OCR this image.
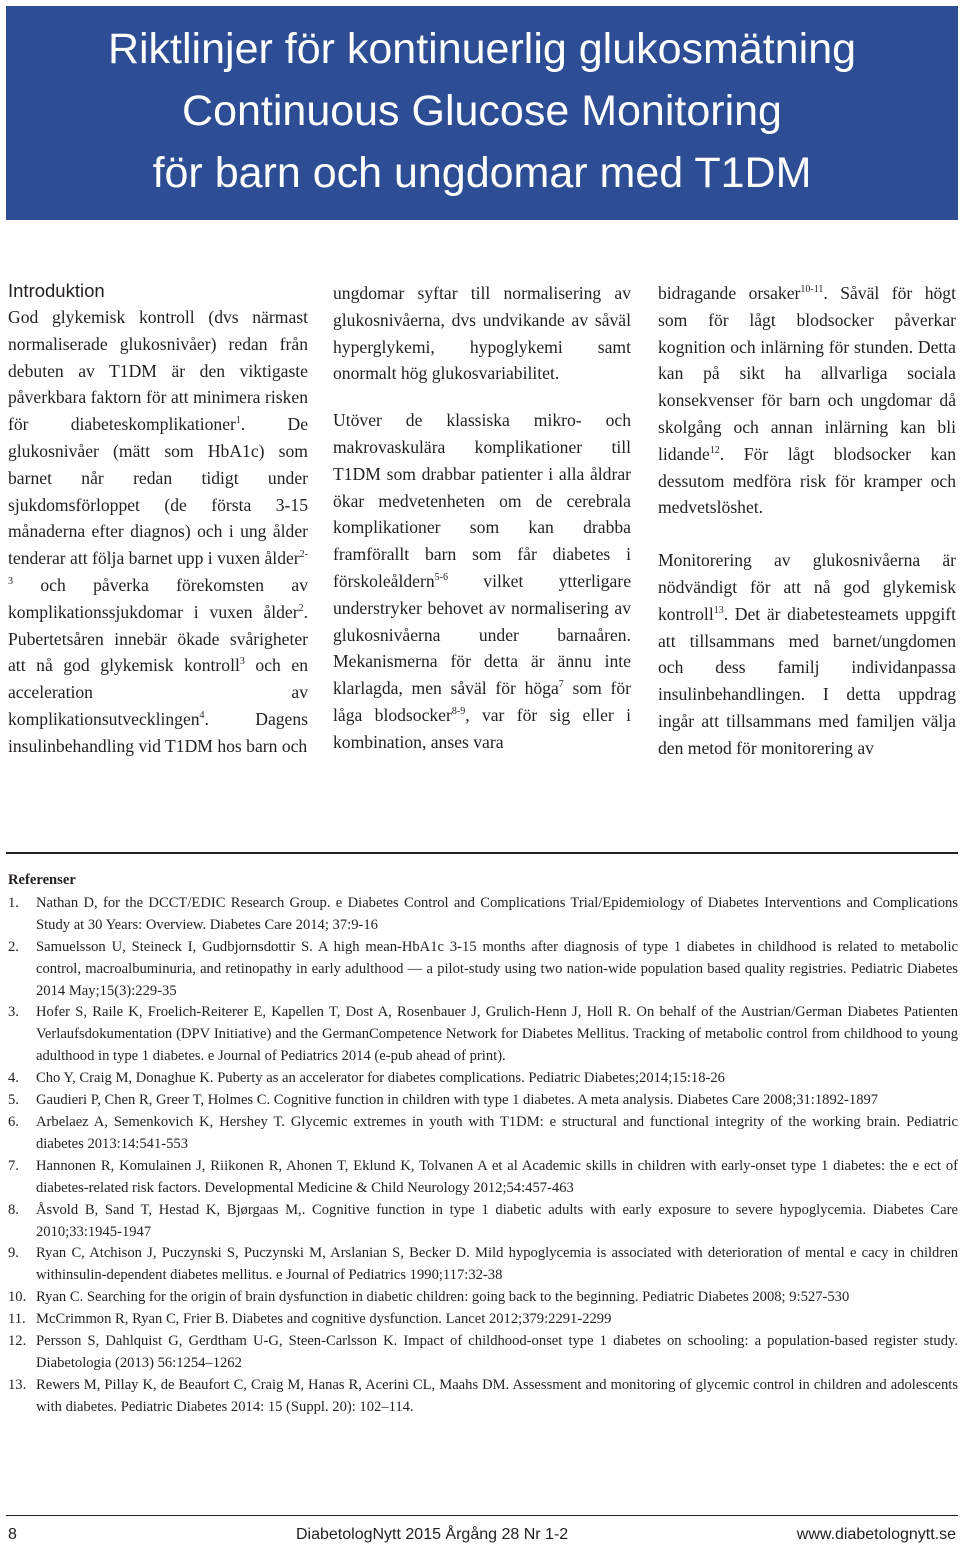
Riktlinjer för kontinuerlig glukosmätning
Continuous Glucose Monitoring
för barn och ungdomar med T1DM

Introduktion

God glykemisk kontroll (dvs närmast normaliserade glukosnivåer) redan från debuten av T1DM är den viktigaste påverkbara faktorn för att minimera risken för diabeteskomplikationer$^1$. De glukosnivåer (mätt som HbA1c) som barnet når redan tidigt under sjukdomsförloppet (de första 3-15 månaderna efter diagnos) och i ung ålder tenderar att följa barnet upp i vuxen ålder$^{2-3}$ och påverka förekomsten av komplikationssjukdomar i vuxen ålder$^2$. Pubertetsåren innebär ökade svårigheter att nå god glykemisk kontroll$^3$ och en acceleration av komplikationsutvecklingen$^4$. Dagens insulinbehandling vid T1DM hos barn och

ungdomar syftar till normalisering av glukosnivåerna, dvs undvikande av såväl hyperglykemi, hypoglykemi samt onormalt hög glukosvariabilitet.

Utöver de klassiska mikro- och makrovaskulära komplikationer till T1DM som drabbar patienter i alla åldrar ökar medvetenheten om de cerebrala komplikationer som kan drabba framförallt barn som får diabetes i förskoleåldern$^{5-6}$ vilket ytterligare understryker behovet av normalisering av glukosnivåerna under barnaåren. Mekanismerna för detta är ännu inte klarlagda, men såväl för höga$^7$ som för låga blodsocker$^{8-9}$, var för sig eller i kombination, anses vara

bidragande orsaker$^{10-11}$. Såväl för högt som för lågt blodsocker påverkar kognition och inlärning för stunden. Detta kan på sikt ha allvarliga sociala konsekvenser för barn och ungdomar då skolgång och annan inlärning kan bli lidande$^{12}$. För lågt blodsocker kan dessutom medföra risk för kramper och medvetslöshet.

Monitorering av glukosnivåerna är nödvändigt för att nå god glykemisk kontroll$^{13}$. Det är diabetesteamets uppgift att tillsammans med barnet/ungdomen och dess familj individanpassa insulinbehandlingen. I detta uppdrag ingår att tillsammans med familjen välja den metod för monitorering av

Referenser

1. Nathan D, for the DCCT/EDIC Research Group. e Diabetes Control and Complications Trial/Epidemiology of Diabetes Interventions and Complications Study at 30 Years: Overview. Diabetes Care 2014; 37:9-16
2. Samuelsson U, Steineck I, Gudbjornsdottir S. A high mean-HbA1c 3-15 months after diagnosis of type 1 diabetes in childhood is related to metabolic control, macroalbuminuria, and retinopathy in early adulthood — a pilot-study using two nation-wide population based quality registries. Pediatric Diabetes 2014 May;15(3):229-35
3. Hofer S, Raile K, Froelich-Reiterer E, Kapellen T, Dost A, Rosenbauer J, Grulich-Henn J, Holl R. On behalf of the Austrian/German Diabetes Patienten Verlaufsdokumentation (DPV Initiative) and the GermanCompetence Network for Diabetes Mellitus. Tracking of metabolic control from childhood to young adulthood in type 1 diabetes. e Journal of Pediatrics 2014 (e-pub ahead of print).
4. Cho Y, Craig M, Donaghue K. Puberty as an accelerator for diabetes complications. Pediatric Diabetes;2014;15:18-26
5. Gaudieri P, Chen R, Greer T, Holmes C. Cognitive function in children with type 1 diabetes. A meta analysis. Diabetes Care 2008;31:1892-1897
6. Arbelaez A, Semenkovich K, Hershey T. Glycemic extremes in youth with T1DM: e structural and functional integrity of the working brain. Pediatric diabetes 2013:14:541-553
7. Hannonen R, Komulainen J, Riikonen R, Ahonen T, Eklund K, Tolvanen A et al Academic skills in children with early-onset type 1 diabetes: the e ect of diabetes-related risk factors. Developmental Medicine & Child Neurology 2012;54:457-463
8. Åsvold B, Sand T, Hestad K, Bjørgaas M,. Cognitive function in type 1 diabetic adults with early exposure to severe hypoglycemia. Diabetes Care 2010;33:1945-1947
9. Ryan C, Atchison J, Puczynski S, Puczynski M, Arslanian S, Becker D. Mild hypoglycemia is associated with deterioration of mental e cacy in children withinsulin-dependent diabetes mellitus. e Journal of Pediatrics 1990;117:32-38
10. Ryan C. Searching for the origin of brain dysfunction in diabetic children: going back to the beginning. Pediatric Diabetes 2008; 9:527-530
11. McCrimmon R, Ryan C, Frier B. Diabetes and cognitive dysfunction. Lancet 2012;379:2291-2299
12. Persson S, Dahlquist G, Gerdtham U-G, Steen-Carlsson K. Impact of childhood-onset type 1 diabetes on schooling: a population-based register study. Diabetologia (2013) 56:1254–1262
13. Rewers M, Pillay K, de Beaufort C, Craig M, Hanas R, Acerini CL, Maahs DM. Assessment and monitoring of glycemic control in children and adolescents with diabetes. Pediatric Diabetes 2014: 15 (Suppl. 20): 102–114.
8	DiabetologNytt 2015 Årgång 28 Nr 1-2	www.diabetolognytt.se
